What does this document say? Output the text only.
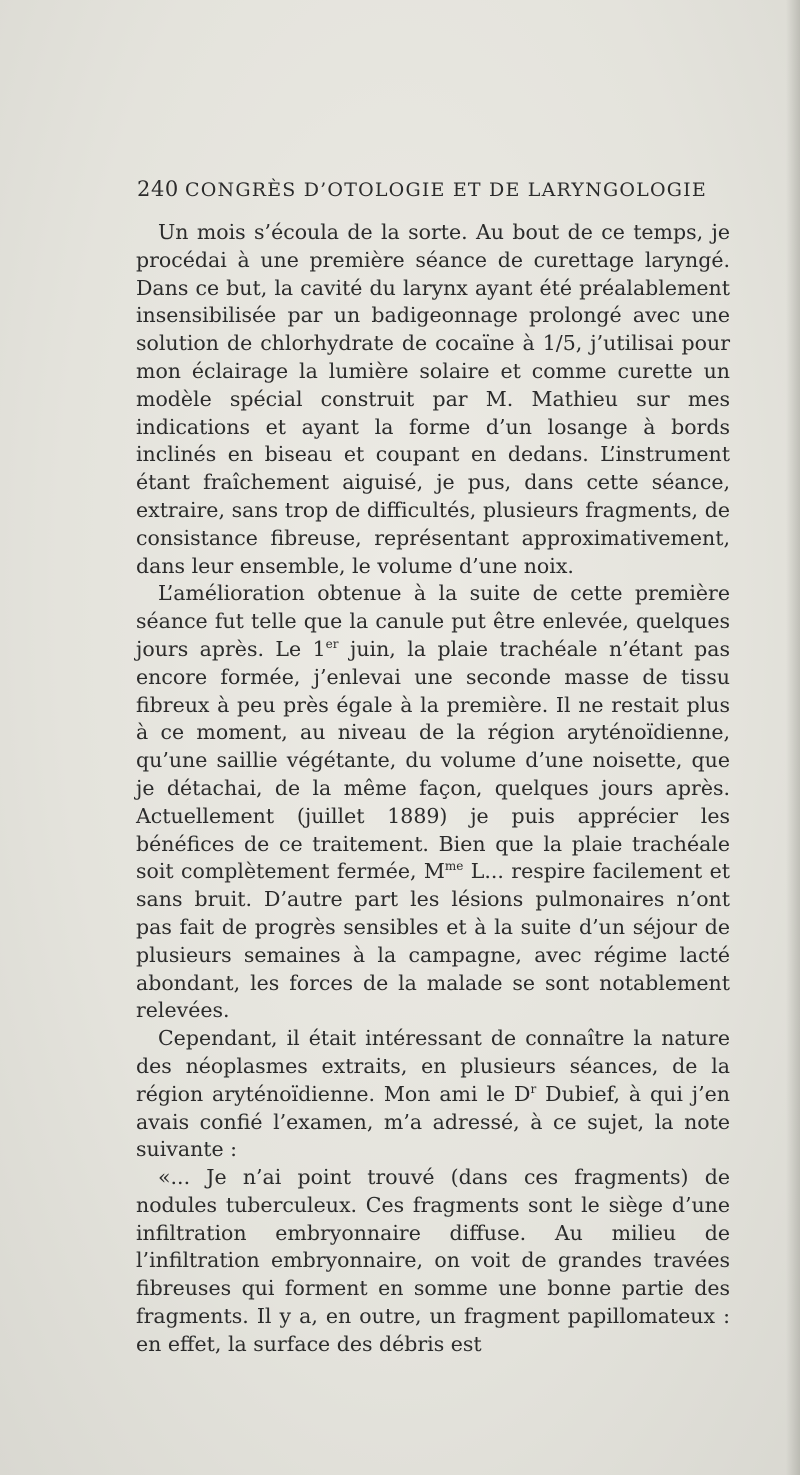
240 CONGRÈS D’OTOLOGIE ET DE LARYNGOLOGIE

Un mois s’écoula de la sorte. Au bout de ce temps, je procédai à une première séance de curettage laryngé. Dans ce but, la cavité du larynx ayant été préalablement insensibilisée par un badigeonnage prolongé avec une solution de chlorhydrate de cocaïne à 1/5, j’utilisai pour mon éclairage la lumière solaire et comme curette un modèle spécial construit par M. Mathieu sur mes indications et ayant la forme d’un losange à bords inclinés en biseau et coupant en dedans. L’instrument étant fraîchement aiguisé, je pus, dans cette séance, extraire, sans trop de difficultés, plusieurs fragments, de consistance fibreuse, représentant approximativement, dans leur ensemble, le volume d’une noix.

L’amélioration obtenue à la suite de cette première séance fut telle que la canule put être enlevée, quelques jours après. Le 1er juin, la plaie trachéale n’étant pas encore formée, j’enlevai une seconde masse de tissu fibreux à peu près égale à la première. Il ne restait plus à ce moment, au niveau de la région aryténoïdienne, qu’une saillie végétante, du volume d’une noisette, que je détachai, de la même façon, quelques jours après. Actuellement (juillet 1889) je puis apprécier les bénéfices de ce traitement. Bien que la plaie trachéale soit complètement fermée, $M^{me}$ L... respire facilement et sans bruit. D’autre part les lésions pulmonaires n’ont pas fait de progrès sensibles et à la suite d’un séjour de plusieurs semaines à la campagne, avec régime lacté abondant, les forces de la malade se sont notablement relevées.

Cependant, il était intéressant de connaître la nature des néoplasmes extraits, en plusieurs séances, de la région aryténoïdienne. Mon ami le $D^r$ Dubief, à qui j’en avais confié l’examen, m’a adressé, à ce sujet, la note suivante :

«... Je n’ai point trouvé (dans ces fragments) de nodules tuberculeux. Ces fragments sont le siège d’une infiltration embryonnaire diffuse. Au milieu de l’infiltration embryonnaire, on voit de grandes travées fibreuses qui forment en somme une bonne partie des fragments. Il y a, en outre, un fragment papillomateux : en effet, la surface des débris est
